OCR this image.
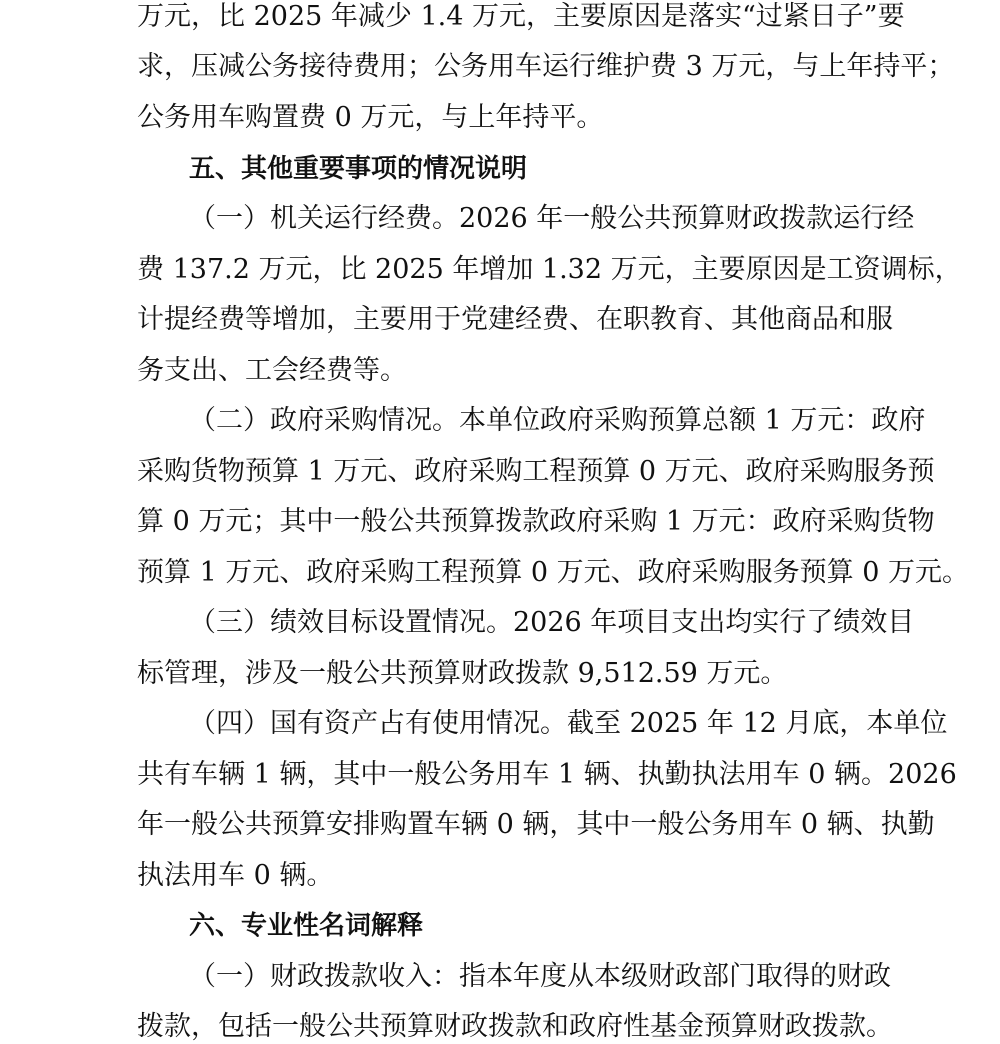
万元，比 2025 年减少 1.4 万元，主要原因是落实“过紧日子”要
求，压减公务接待费用；公务用车运行维护费 3 万元，与上年持平；
公务用车购置费 0 万元，与上年持平。
五、其他重要事项的情况说明
（一）机关运行经费。2026 年一般公共预算财政拨款运行经
费 137.2 万元，比 2025 年增加 1.32 万元，主要原因是工资调标，
计提经费等增加，主要用于党建经费、在职教育、其他商品和服
务支出、工会经费等。
（二）政府采购情况。本单位政府采购预算总额 1 万元：政府
采购货物预算 1 万元、政府采购工程预算 0 万元、政府采购服务预
算 0 万元；其中一般公共预算拨款政府采购 1 万元：政府采购货物
预算 1 万元、政府采购工程预算 0 万元、政府采购服务预算 0 万元。
（三）绩效目标设置情况。2026 年项目支出均实行了绩效目
标管理，涉及一般公共预算财政拨款 9,512.59 万元。
（四）国有资产占有使用情况。截至 2025 年 12 月底，本单位
共有车辆 1 辆，其中一般公务用车 1 辆、执勤执法用车 0 辆。2026
年一般公共预算安排购置车辆 0 辆，其中一般公务用车 0 辆、执勤
执法用车 0 辆。
六、专业性名词解释
（一）财政拨款收入：指本年度从本级财政部门取得的财政
拨款，包括一般公共预算财政拨款和政府性基金预算财政拨款。
